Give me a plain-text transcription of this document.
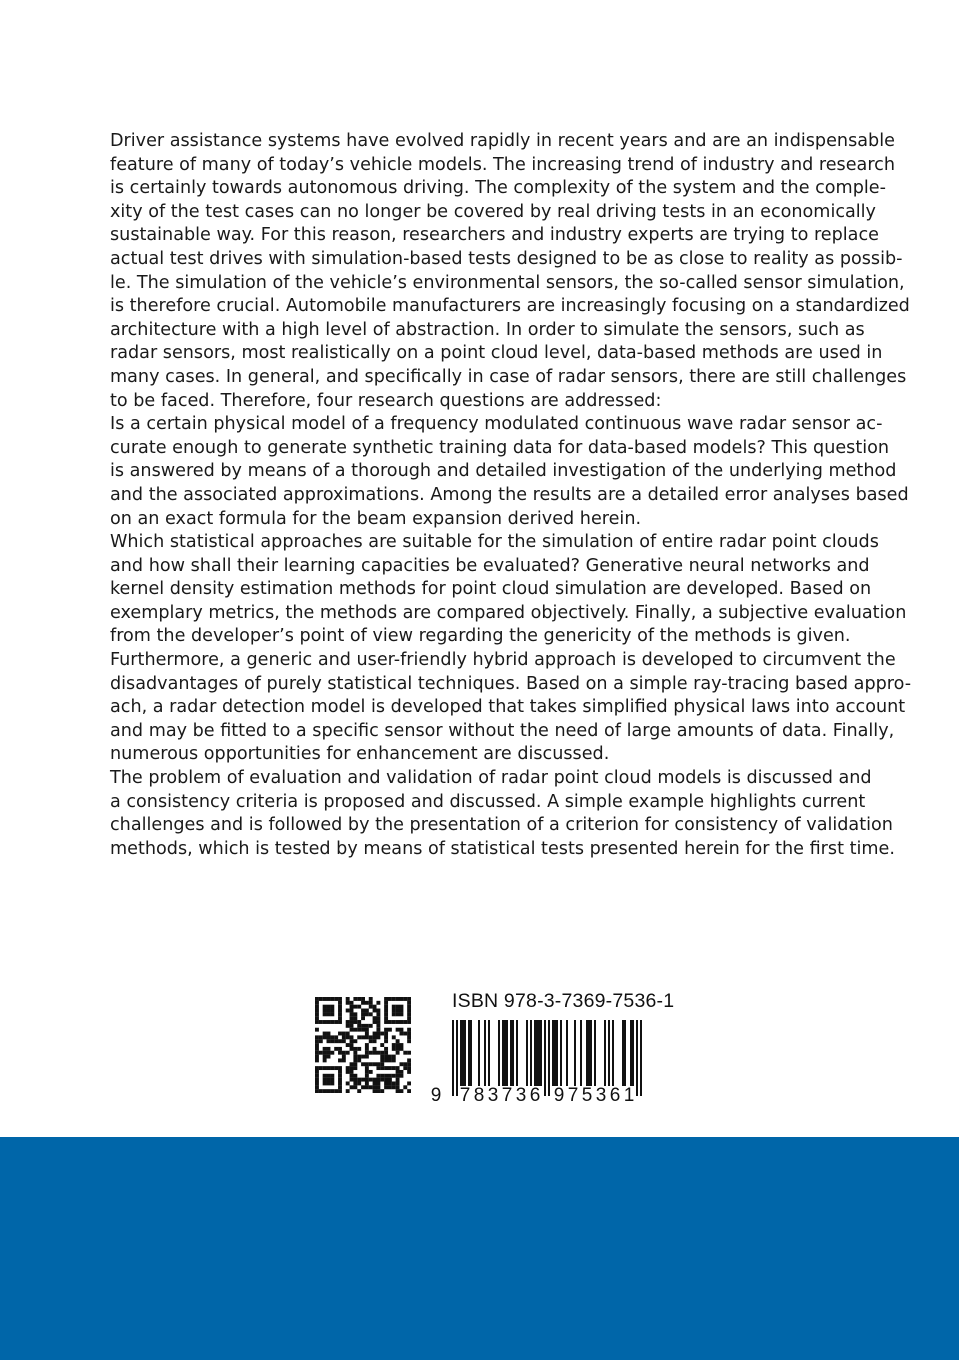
Driver assistance systems have evolved rapidly in recent years and are an indispensable
feature of many of today’s vehicle models. The increasing trend of industry and research
is certainly towards autonomous driving. The complexity of the system and the comple-
xity of the test cases can no longer be covered by real driving tests in an economically
sustainable way. For this reason, researchers and industry experts are trying to replace
actual test drives with simulation-based tests designed to be as close to reality as possib-
le. The simulation of the vehicle’s environmental sensors, the so-called sensor simulation,
is therefore crucial. Automobile manufacturers are increasingly focusing on a standardized
architecture with a high level of abstraction. In order to simulate the sensors, such as
radar sensors, most realistically on a point cloud level, data-based methods are used in
many cases. In general, and specifically in case of radar sensors, there are still challenges
to be faced. Therefore, four research questions are addressed:
Is a certain physical model of a frequency modulated continuous wave radar sensor ac-
curate enough to generate synthetic training data for data-based models? This question
is answered by means of a thorough and detailed investigation of the underlying method
and the associated approximations. Among the results are a detailed error analyses based
on an exact formula for the beam expansion derived herein.
Which statistical approaches are suitable for the simulation of entire radar point clouds
and how shall their learning capacities be evaluated? Generative neural networks and
kernel density estimation methods for point cloud simulation are developed. Based on
exemplary metrics, the methods are compared objectively. Finally, a subjective evaluation
from the developer’s point of view regarding the genericity of the methods is given.
Furthermore, a generic and user-friendly hybrid approach is developed to circumvent the
disadvantages of purely statistical techniques. Based on a simple ray-tracing based appro-
ach, a radar detection model is developed that takes simplified physical laws into account
and may be fitted to a specific sensor without the need of large amounts of data. Finally,
numerous opportunities for enhancement are discussed.
The problem of evaluation and validation of radar point cloud models is discussed and
a consistency criteria is proposed and discussed. A simple example highlights current
challenges and is followed by the presentation of a criterion for consistency of validation
methods, which is tested by means of statistical tests presented herein for the first time.
ISBN 978-3-7369-7536-1
9 7 8 3 7 3 6 9 7 5 3 6 1
